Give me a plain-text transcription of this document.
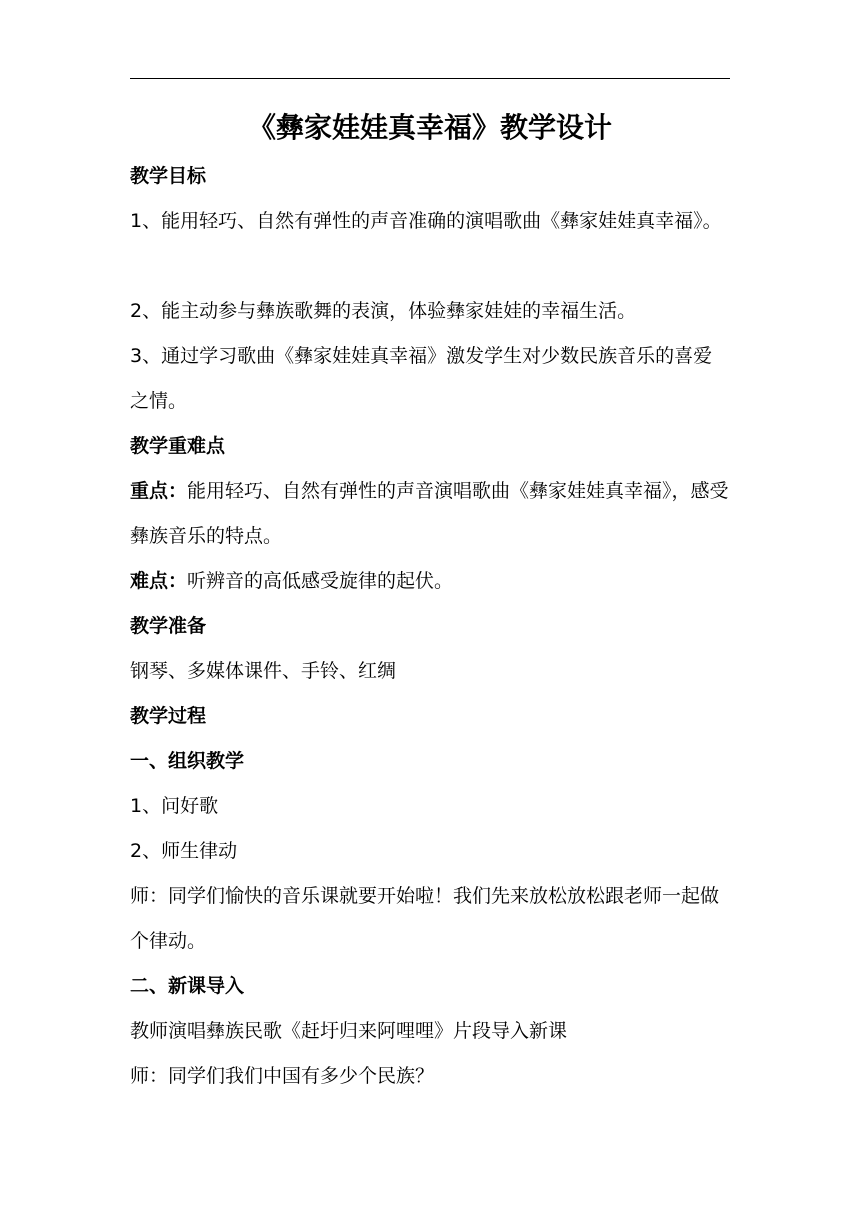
《彝家娃娃真幸福》教学设计
教学目标
1、能用轻巧、自然有弹性的声音准确的演唱歌曲《彝家娃娃真幸福》。
2、能主动参与彝族歌舞的表演，体验彝家娃娃的幸福生活。
3、通过学习歌曲《彝家娃娃真幸福》激发学生对少数民族音乐的喜爱之情。
教学重难点
重点：能用轻巧、自然有弹性的声音演唱歌曲《彝家娃娃真幸福》，感受彝族音乐的特点。
难点：听辨音的高低感受旋律的起伏。
教学准备
钢琴、多媒体课件、手铃、红绸
教学过程
一、组织教学
1、问好歌
2、师生律动
师：同学们愉快的音乐课就要开始啦！我们先来放松放松跟老师一起做个律动。
二、新课导入
教师演唱彝族民歌《赶圩归来阿哩哩》片段导入新课
师：同学们我们中国有多少个民族？
